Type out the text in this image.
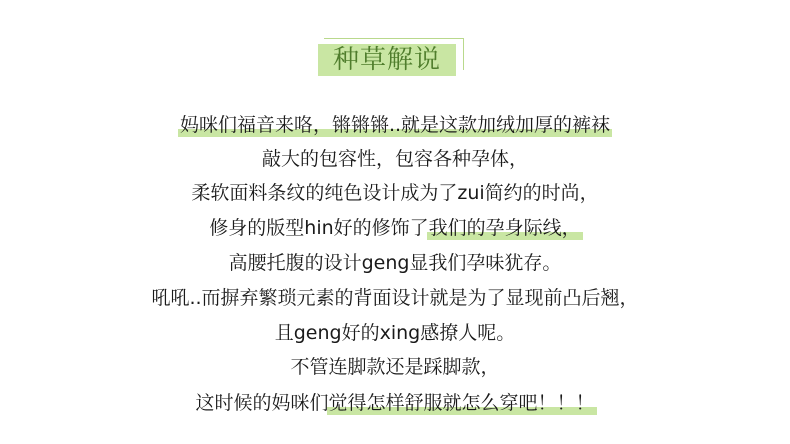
种草解说
妈咪们福音来咯，锵锵锵..就是这款加绒加厚的裤袜
敲大的包容性，包容各种孕体，
柔软面料条纹的纯色设计成为了zui简约的时尚，
修身的版型hin好的修饰了我们的孕身际线，
高腰托腹的设计geng显我们孕味犹存。
吼吼..而摒弃繁琐元素的背面设计就是为了显现前凸后翘，
且geng好的xing感撩人呢。
不管连脚款还是踩脚款，
这时候的妈咪们觉得怎样舒服就怎么穿吧！！！
